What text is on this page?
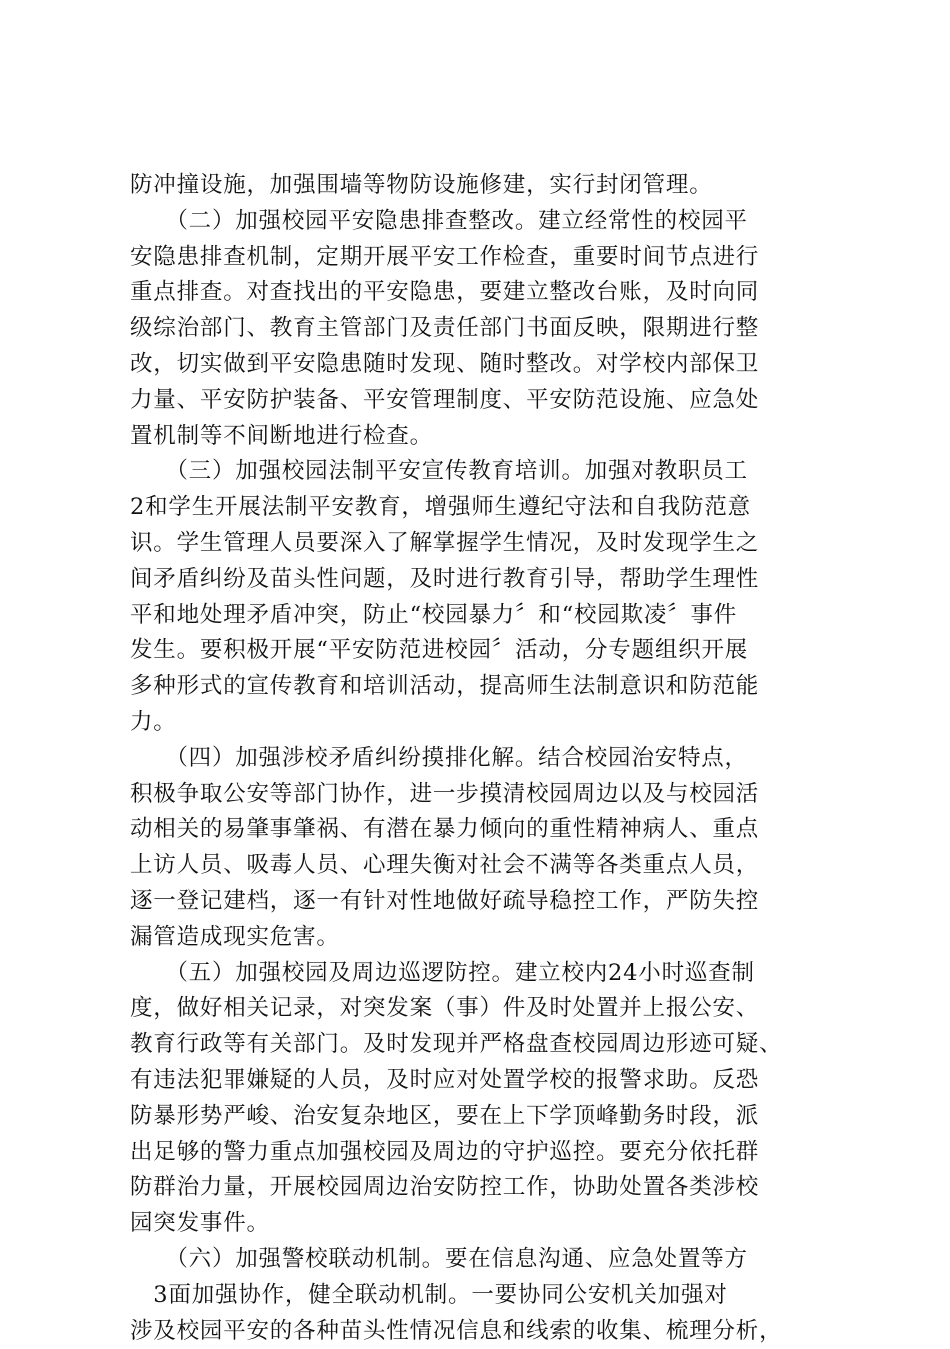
防冲撞设施，加强围墙等物防设施修建，实行封闭管理。
　　（二）加强校园平安隐患排查整改。建立经常性的校园平
安隐患排查机制，定期开展平安工作检查，重要时间节点进行
重点排查。对查找出的平安隐患，要建立整改台账，及时向同
级综治部门、教育主管部门及责任部门书面反映，限期进行整
改，切实做到平安隐患随时发现、随时整改。对学校内部保卫
力量、平安防护装备、平安管理制度、平安防范设施、应急处
置机制等不间断地进行检查。
　　（三）加强校园法制平安宣传教育培训。加强对教职员工
2和学生开展法制平安教育，增强师生遵纪守法和自我防范意
识。学生管理人员要深入了解掌握学生情况，及时发现学生之
间矛盾纠纷及苗头性问题，及时进行教育引导，帮助学生理性
平和地处理矛盾冲突，防止“校园暴力〞和“校园欺凌〞事件
发生。要积极开展“平安防范进校园〞活动，分专题组织开展
多种形式的宣传教育和培训活动，提高师生法制意识和防范能
力。
　　（四）加强涉校矛盾纠纷摸排化解。结合校园治安特点，
积极争取公安等部门协作，进一步摸清校园周边以及与校园活
动相关的易肇事肇祸、有潜在暴力倾向的重性精神病人、重点
上访人员、吸毒人员、心理失衡对社会不满等各类重点人员，
逐一登记建档，逐一有针对性地做好疏导稳控工作，严防失控
漏管造成现实危害。
　　（五）加强校园及周边巡逻防控。建立校内24小时巡查制
度，做好相关记录，对突发案（事）件及时处置并上报公安、
教育行政等有关部门。及时发现并严格盘查校园周边形迹可疑、
有违法犯罪嫌疑的人员，及时应对处置学校的报警求助。反恐
防暴形势严峻、治安复杂地区，要在上下学顶峰勤务时段，派
出足够的警力重点加强校园及周边的守护巡控。要充分依托群
防群治力量，开展校园周边治安防控工作，协助处置各类涉校
园突发事件。
　　（六）加强警校联动机制。要在信息沟通、应急处置等方
　3面加强协作，健全联动机制。一要协同公安机关加强对
涉及校园平安的各种苗头性情况信息和线索的收集、梳理分析，
